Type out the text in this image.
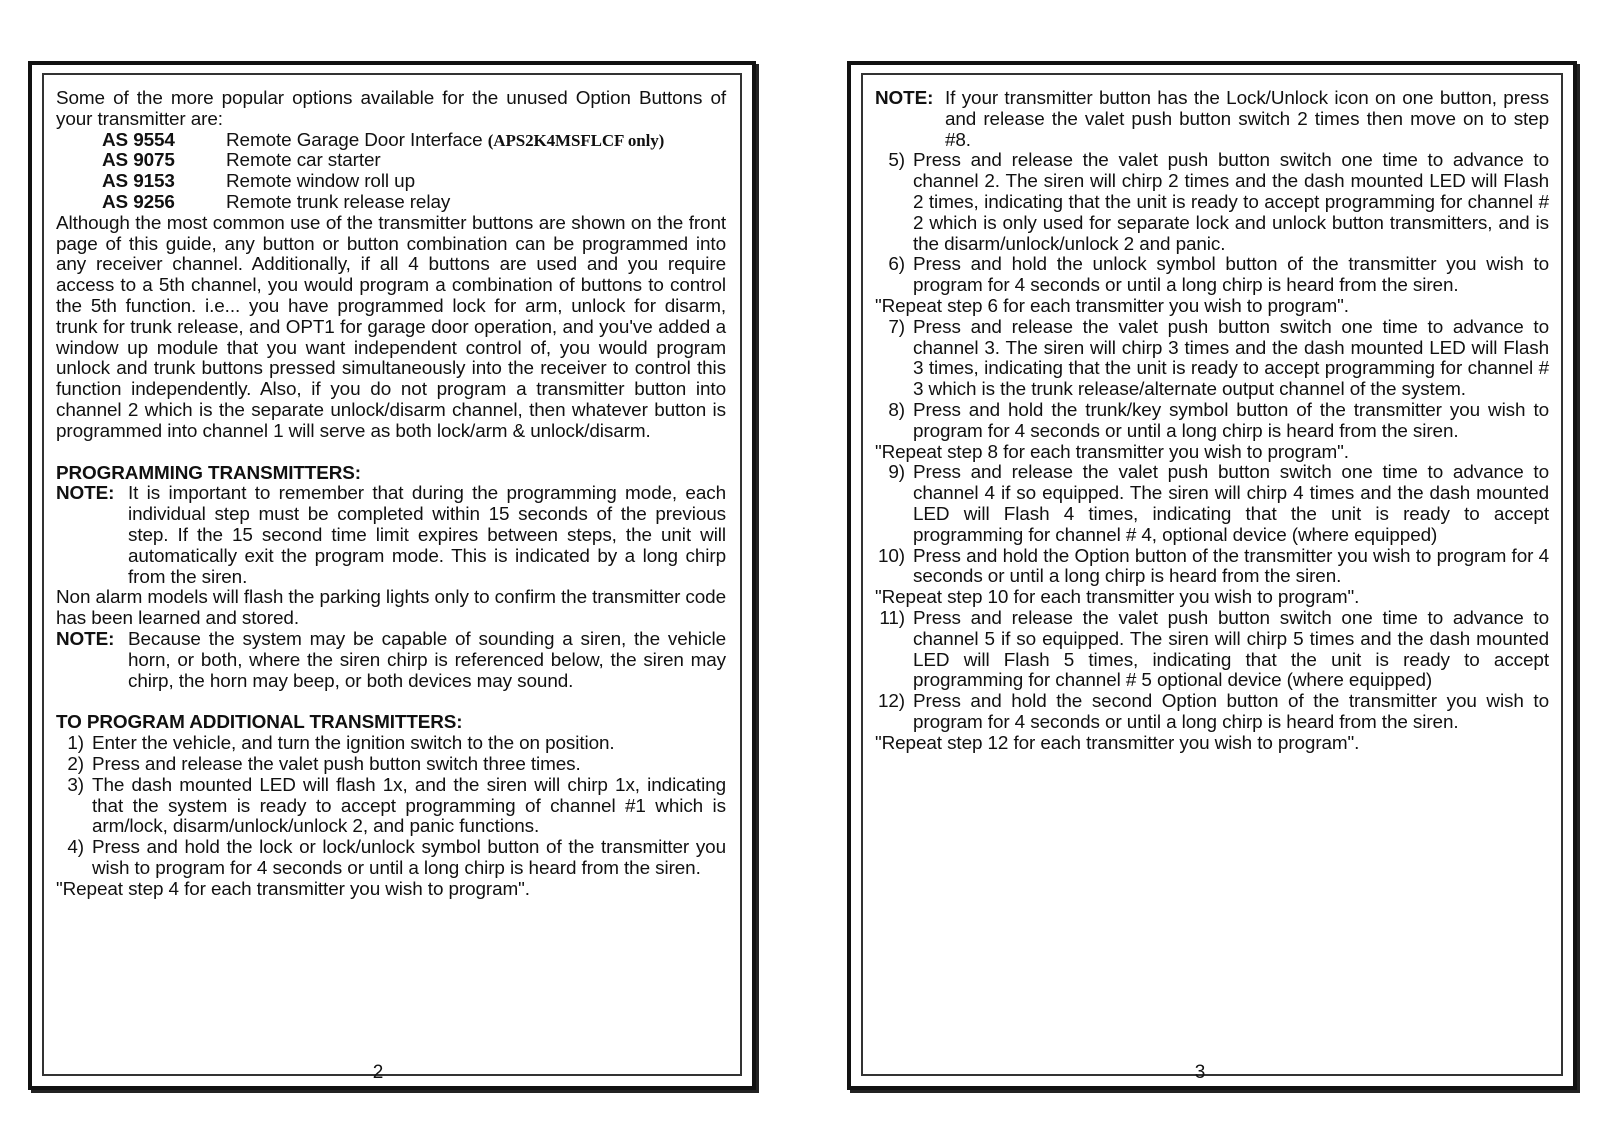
Some of the more popular options available for the unused Option Buttons of your transmitter are:

AS 9554	Remote Garage Door Interface (APS2K4MSFLCF only)
AS 9075	Remote car starter
AS 9153	Remote window roll up
AS 9256	Remote trunk release relay

Although the most common use of the transmitter buttons are shown on the front page of this guide, any button or button combination can be programmed into any receiver channel. Additionally, if all 4 buttons are used and you require access to a 5th channel, you would program a combination of buttons to control the 5th function. i.e... you have programmed lock for arm, unlock for disarm, trunk for trunk release, and OPT1 for garage door operation, and you've added a window up module that you want independent control of, you would program unlock and trunk buttons pressed simultaneously into the receiver to control this function independently. Also, if you do not program a transmitter button into channel 2 which is the separate unlock/disarm channel, then whatever button is programmed into channel 1 will serve as both lock/arm & unlock/disarm.

PROGRAMMING TRANSMITTERS:

NOTE: It is important to remember that during the programming mode, each individual step must be completed within 15 seconds of the previous step. If the 15 second time limit expires between steps, the unit will automatically exit the program mode. This is indicated by a long chirp from the siren.

Non alarm models will flash the parking lights only to confirm the transmitter code has been learned and stored.

NOTE: Because the system may be capable of sounding a siren, the vehicle horn, or both, where the siren chirp is referenced below, the siren may chirp, the horn may beep, or both devices may sound.

TO PROGRAM ADDITIONAL TRANSMITTERS:

1) Enter the vehicle, and turn the ignition switch to the on position.
2) Press and release the valet push button switch three times.
3) The dash mounted LED will flash 1x, and the siren will chirp 1x, indicating that the system is ready to accept programming of channel #1 which is arm/lock, disarm/unlock/unlock 2, and panic functions.
4) Press and hold the lock or lock/unlock symbol button of the transmitter you wish to program for 4 seconds or until a long chirp is heard from the siren.

"Repeat step 4 for each transmitter you wish to program".

2
NOTE: If your transmitter button has the Lock/Unlock icon on one button, press and release the valet push button switch 2 times then move on to step #8.
5) Press and release the valet push button switch one time to advance to channel 2. The siren will chirp 2 times and the dash mounted LED will Flash 2 times, indicating that the unit is ready to accept programming for channel # 2 which is only used for separate lock and unlock button transmitters, and is the disarm/unlock/unlock 2 and panic.
6) Press and hold the unlock symbol button of the transmitter you wish to program for 4 seconds or until a long chirp is heard from the siren.

"Repeat step 6 for each transmitter you wish to program".

7) Press and release the valet push button switch one time to advance to channel 3. The siren will chirp 3 times and the dash mounted LED will Flash 3 times, indicating that the unit is ready to accept programming for channel # 3 which is the trunk release/alternate output channel of the system.
8) Press and hold the trunk/key symbol button of the transmitter you wish to program for 4 seconds or until a long chirp is heard from the siren.

"Repeat step 8 for each transmitter you wish to program".

9) Press and release the valet push button switch one time to advance to channel 4 if so equipped. The siren will chirp 4 times and the dash mounted LED will Flash 4 times, indicating that the unit is ready to accept programming for channel # 4, optional device (where equipped)
10) Press and hold the Option button of the transmitter you wish to program for 4 seconds or until a long chirp is heard from the siren.

"Repeat step 10 for each transmitter you wish to program".

11) Press and release the valet push button switch one time to advance to channel 5 if so equipped. The siren will chirp 5 times and the dash mounted LED will Flash 5 times, indicating that the unit is ready to accept programming for channel # 5 optional device (where equipped)
12) Press and hold the second Option button of the transmitter you wish to program for 4 seconds or until a long chirp is heard from the siren.

"Repeat step 12 for each transmitter you wish to program".

3
